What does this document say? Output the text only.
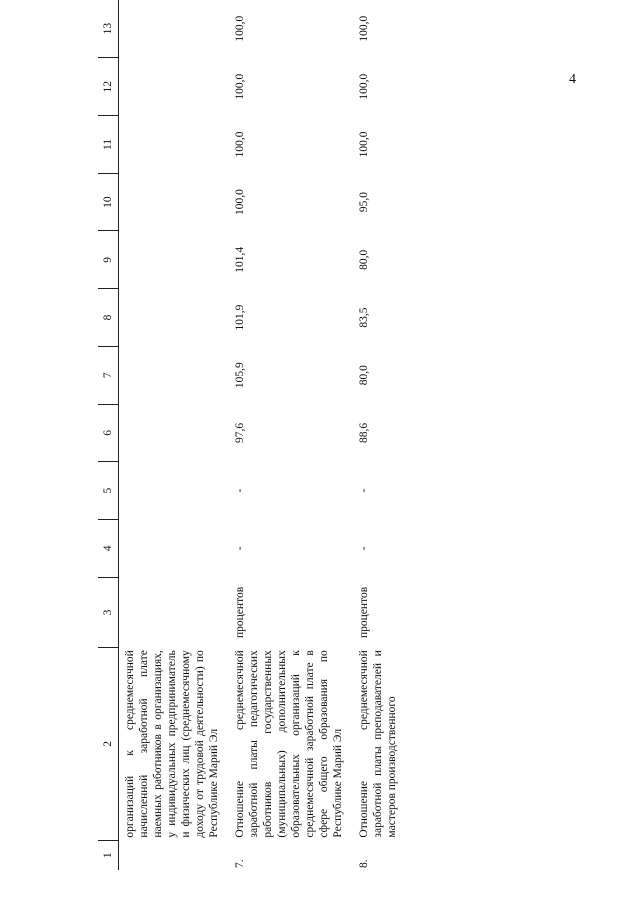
4
1	2	3	4	5	6	7	8	9	10	11	12	13
	организаций к среднемесячной начисленной заработной плате наемных работников в организациях, у индивидуальных предприниматель и физических лиц (среднемесячному доходу от трудовой деятельности) по Республике Марий Эл											

7.	Отношение среднемесячной заработной платы педагогических работников государственных (муниципальных) дополнительных образовательных организаций к среднемесячной заработной плате в сфере общего образования по Республике Марий Эл	процентов	-	-	97,6	105,9	101,9	101,4	100,0	100,0	100,0	100,0

8.	Отношение среднемесячной заработной платы преподавателей и мастеров производственного	процентов	-	-	88,6	80,0	83,5	80,0	95,0	100,0	100,0	100,0
